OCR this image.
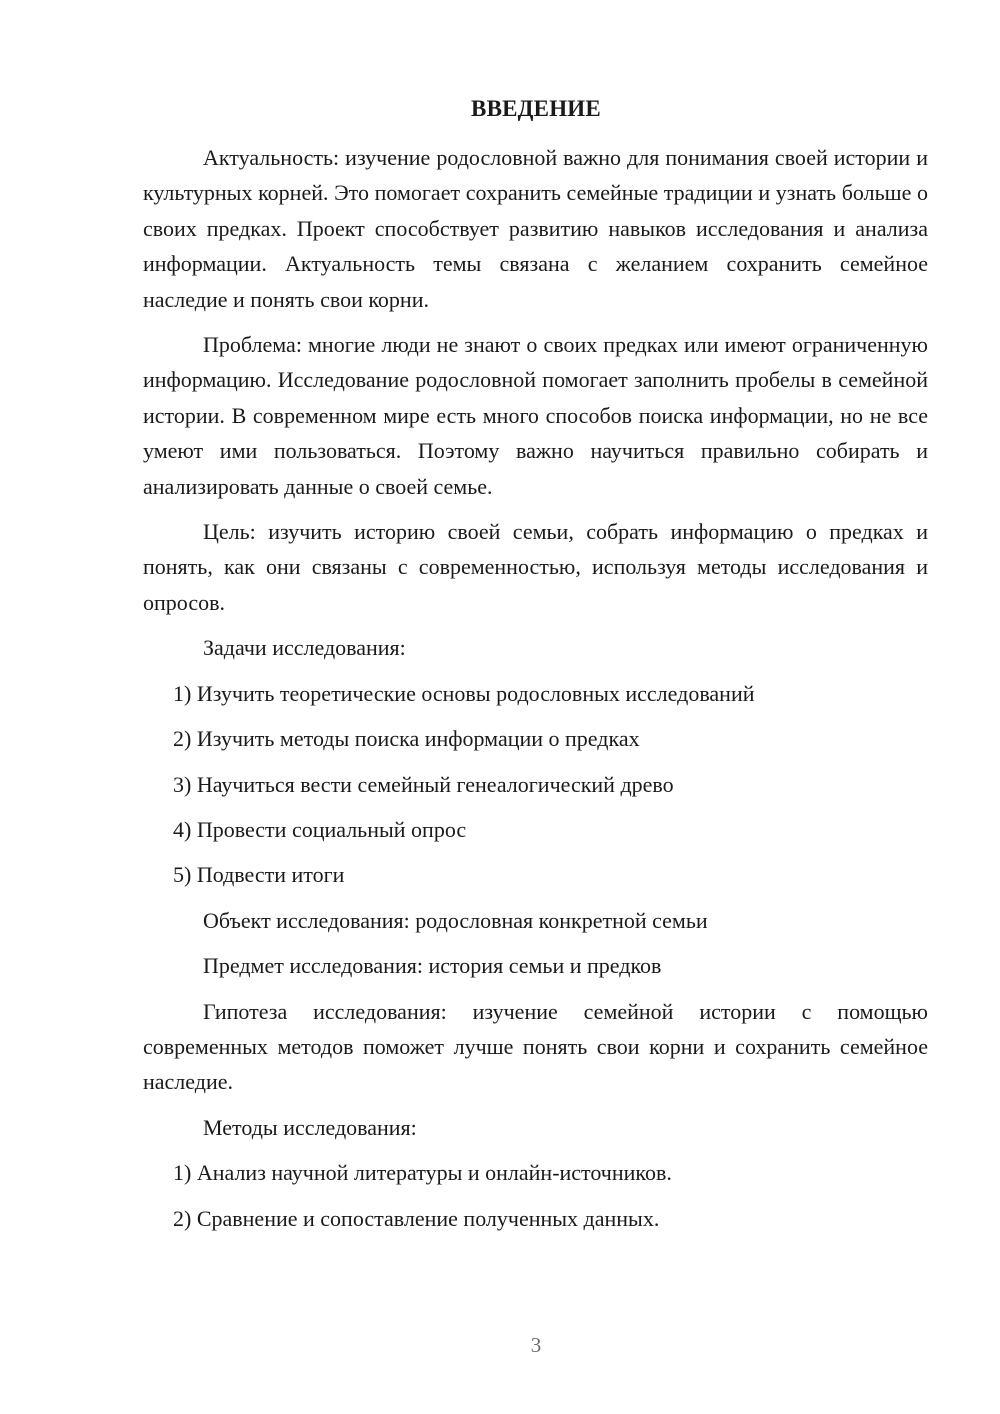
ВВЕДЕНИЕ

Актуальность: изучение родословной важно для понимания своей истории и культурных корней. Это помогает сохранить семейные традиции и узнать больше о своих предках. Проект способствует развитию навыков исследования и анализа информации. Актуальность темы связана с желанием сохранить семейное наследие и понять свои корни.

Проблема: многие люди не знают о своих предках или имеют ограниченную информацию. Исследование родословной помогает заполнить пробелы в семейной истории. В современном мире есть много способов поиска информации, но не все умеют ими пользоваться. Поэтому важно научиться правильно собирать и анализировать данные о своей семье.

Цель: изучить историю своей семьи, собрать информацию о предках и понять, как они связаны с современностью, используя методы исследования и опросов.

Задачи исследования:

1) Изучить теоретические основы родословных исследований

2) Изучить методы поиска информации о предках

3) Научиться вести семейный генеалогический древо

4) Провести социальный опрос

5) Подвести итоги

Объект исследования: родословная конкретной семьи

Предмет исследования: история семьи и предков

Гипотеза исследования: изучение семейной истории с помощью современных методов поможет лучше понять свои корни и сохранить семейное наследие.

Методы исследования:

1) Анализ научной литературы и онлайн-источников.

2) Сравнение и сопоставление полученных данных.

3
